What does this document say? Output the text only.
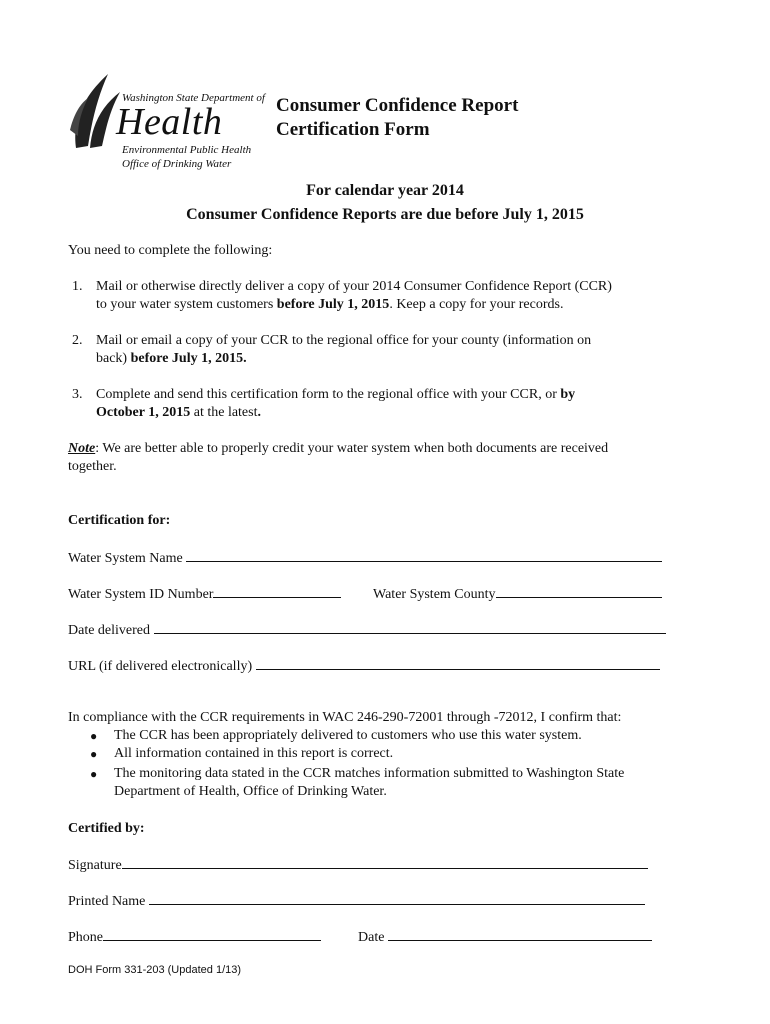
Washington State Department of
Health
Environmental Public Health
Office of Drinking Water
Consumer Confidence Report
Certification Form
For calendar year 2014
Consumer Confidence Reports are due before July 1, 2015
You need to complete the following:
1. Mail or otherwise directly deliver a copy of your 2014 Consumer Confidence Report (CCR)
to your water system customers before July 1, 2015. Keep a copy for your records.
2. Mail or email a copy of your CCR to the regional office for your county (information on
back) before July 1, 2015.
3. Complete and send this certification form to the regional office with your CCR, or by
October 1, 2015 at the latest.
Note: We are better able to properly credit your water system when both documents are received
together.
Certification for:
Water System Name
Water System ID Number	Water System County
Date delivered
URL (if delivered electronically)
In compliance with the CCR requirements in WAC 246-290-72001 through -72012, I confirm that:
● The CCR has been appropriately delivered to customers who use this water system.
● All information contained in this report is correct.
● The monitoring data stated in the CCR matches information submitted to Washington State
Department of Health, Office of Drinking Water.
Certified by:
Signature
Printed Name
Phone	Date
DOH Form 331-203 (Updated 1/13)
